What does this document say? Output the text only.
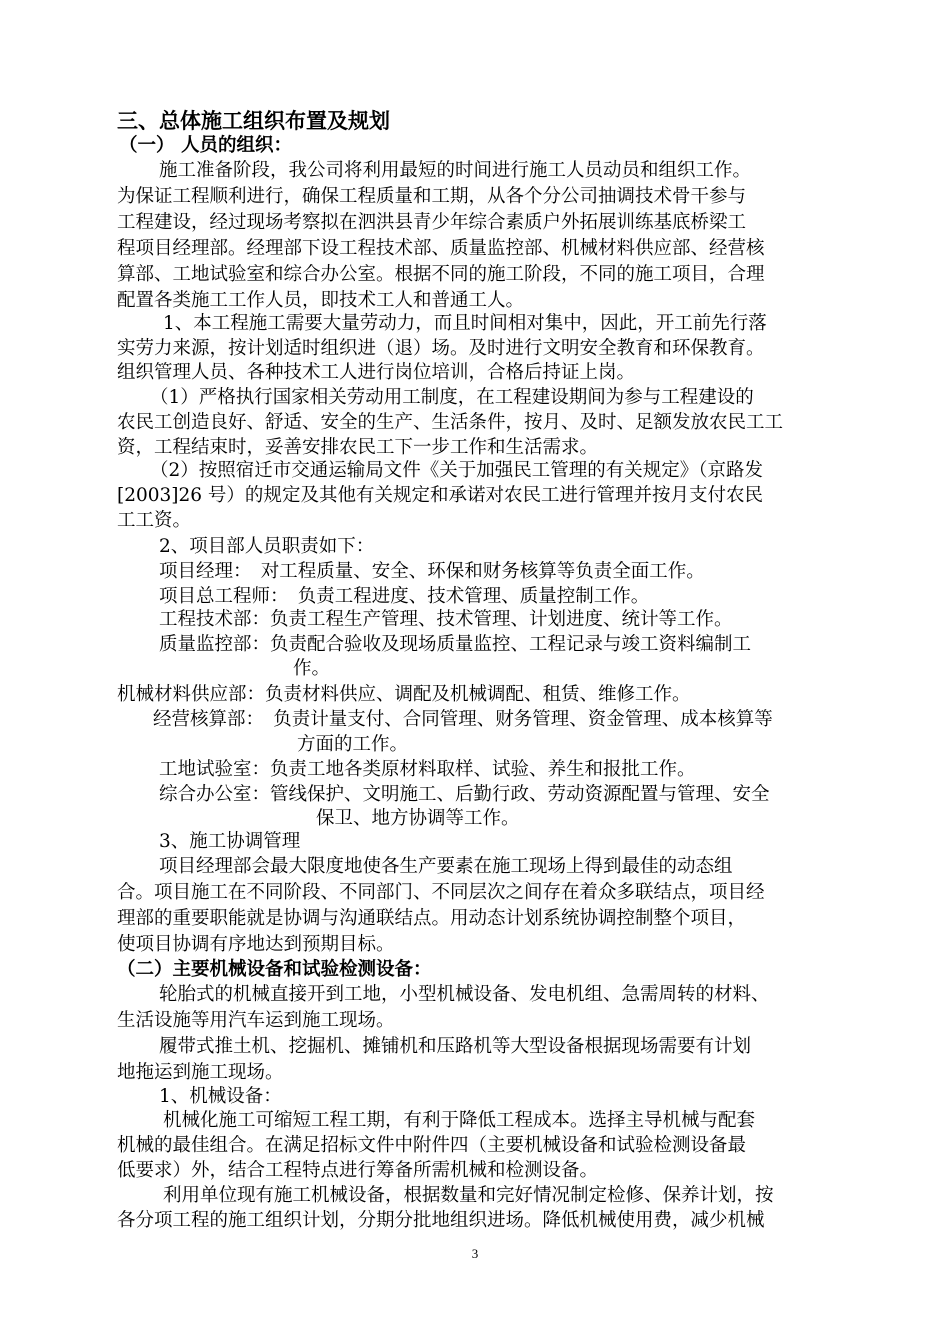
三、总体施工组织布置及规划
（一） 人员的组织：
施工准备阶段，我公司将利用最短的时间进行施工人员动员和组织工作。
为保证工程顺利进行，确保工程质量和工期，从各个分公司抽调技术骨干参与
工程建设，经过现场考察拟在泗洪县青少年综合素质户外拓展训练基底桥梁工
程项目经理部。经理部下设工程技术部、质量监控部、机械材料供应部、经营核
算部、工地试验室和综合办公室。根据不同的施工阶段，不同的施工项目，合理
配置各类施工工作人员，即技术工人和普通工人。
1、本工程施工需要大量劳动力，而且时间相对集中，因此，开工前先行落
实劳力来源，按计划适时组织进（退）场。及时进行文明安全教育和环保教育。
组织管理人员、各种技术工人进行岗位培训，合格后持证上岗。
（1）严格执行国家相关劳动用工制度，在工程建设期间为参与工程建设的
农民工创造良好、舒适、安全的生产、生活条件，按月、及时、足额发放农民工工
资，工程结束时，妥善安排农民工下一步工作和生活需求。
（2）按照宿迁市交通运输局文件《关于加强民工管理的有关规定》（京路发
[2003]26 号）的规定及其他有关规定和承诺对农民工进行管理并按月支付农民
工工资。
2、项目部人员职责如下：
项目经理：　对工程质量、安全、环保和财务核算等负责全面工作。
项目总工程师：　负责工程进度、技术管理、质量控制工作。
工程技术部：负责工程生产管理、技术管理、计划进度、统计等工作。
质量监控部：负责配合验收及现场质量监控、工程记录与竣工资料编制工
作。
机械材料供应部：负责材料供应、调配及机械调配、租赁、维修工作。
经营核算部：　负责计量支付、合同管理、财务管理、资金管理、成本核算等
方面的工作。
工地试验室：负责工地各类原材料取样、试验、养生和报批工作。
综合办公室：管线保护、文明施工、后勤行政、劳动资源配置与管理、安全
保卫、地方协调等工作。
3、施工协调管理
项目经理部会最大限度地使各生产要素在施工现场上得到最佳的动态组
合。项目施工在不同阶段、不同部门、不同层次之间存在着众多联结点，项目经
理部的重要职能就是协调与沟通联结点。用动态计划系统协调控制整个项目，
使项目协调有序地达到预期目标。
（二）主要机械设备和试验检测设备：
轮胎式的机械直接开到工地，小型机械设备、发电机组、急需周转的材料、
生活设施等用汽车运到施工现场。
履带式推土机、挖掘机、摊铺机和压路机等大型设备根据现场需要有计划
地拖运到施工现场。
1、机械设备：
机械化施工可缩短工程工期，有利于降低工程成本。选择主导机械与配套
机械的最佳组合。在满足招标文件中附件四（主要机械设备和试验检测设备最
低要求）外，结合工程特点进行筹备所需机械和检测设备。
利用单位现有施工机械设备，根据数量和完好情况制定检修、保养计划，按
各分项工程的施工组织计划，分期分批地组织进场。降低机械使用费，减少机械
3
